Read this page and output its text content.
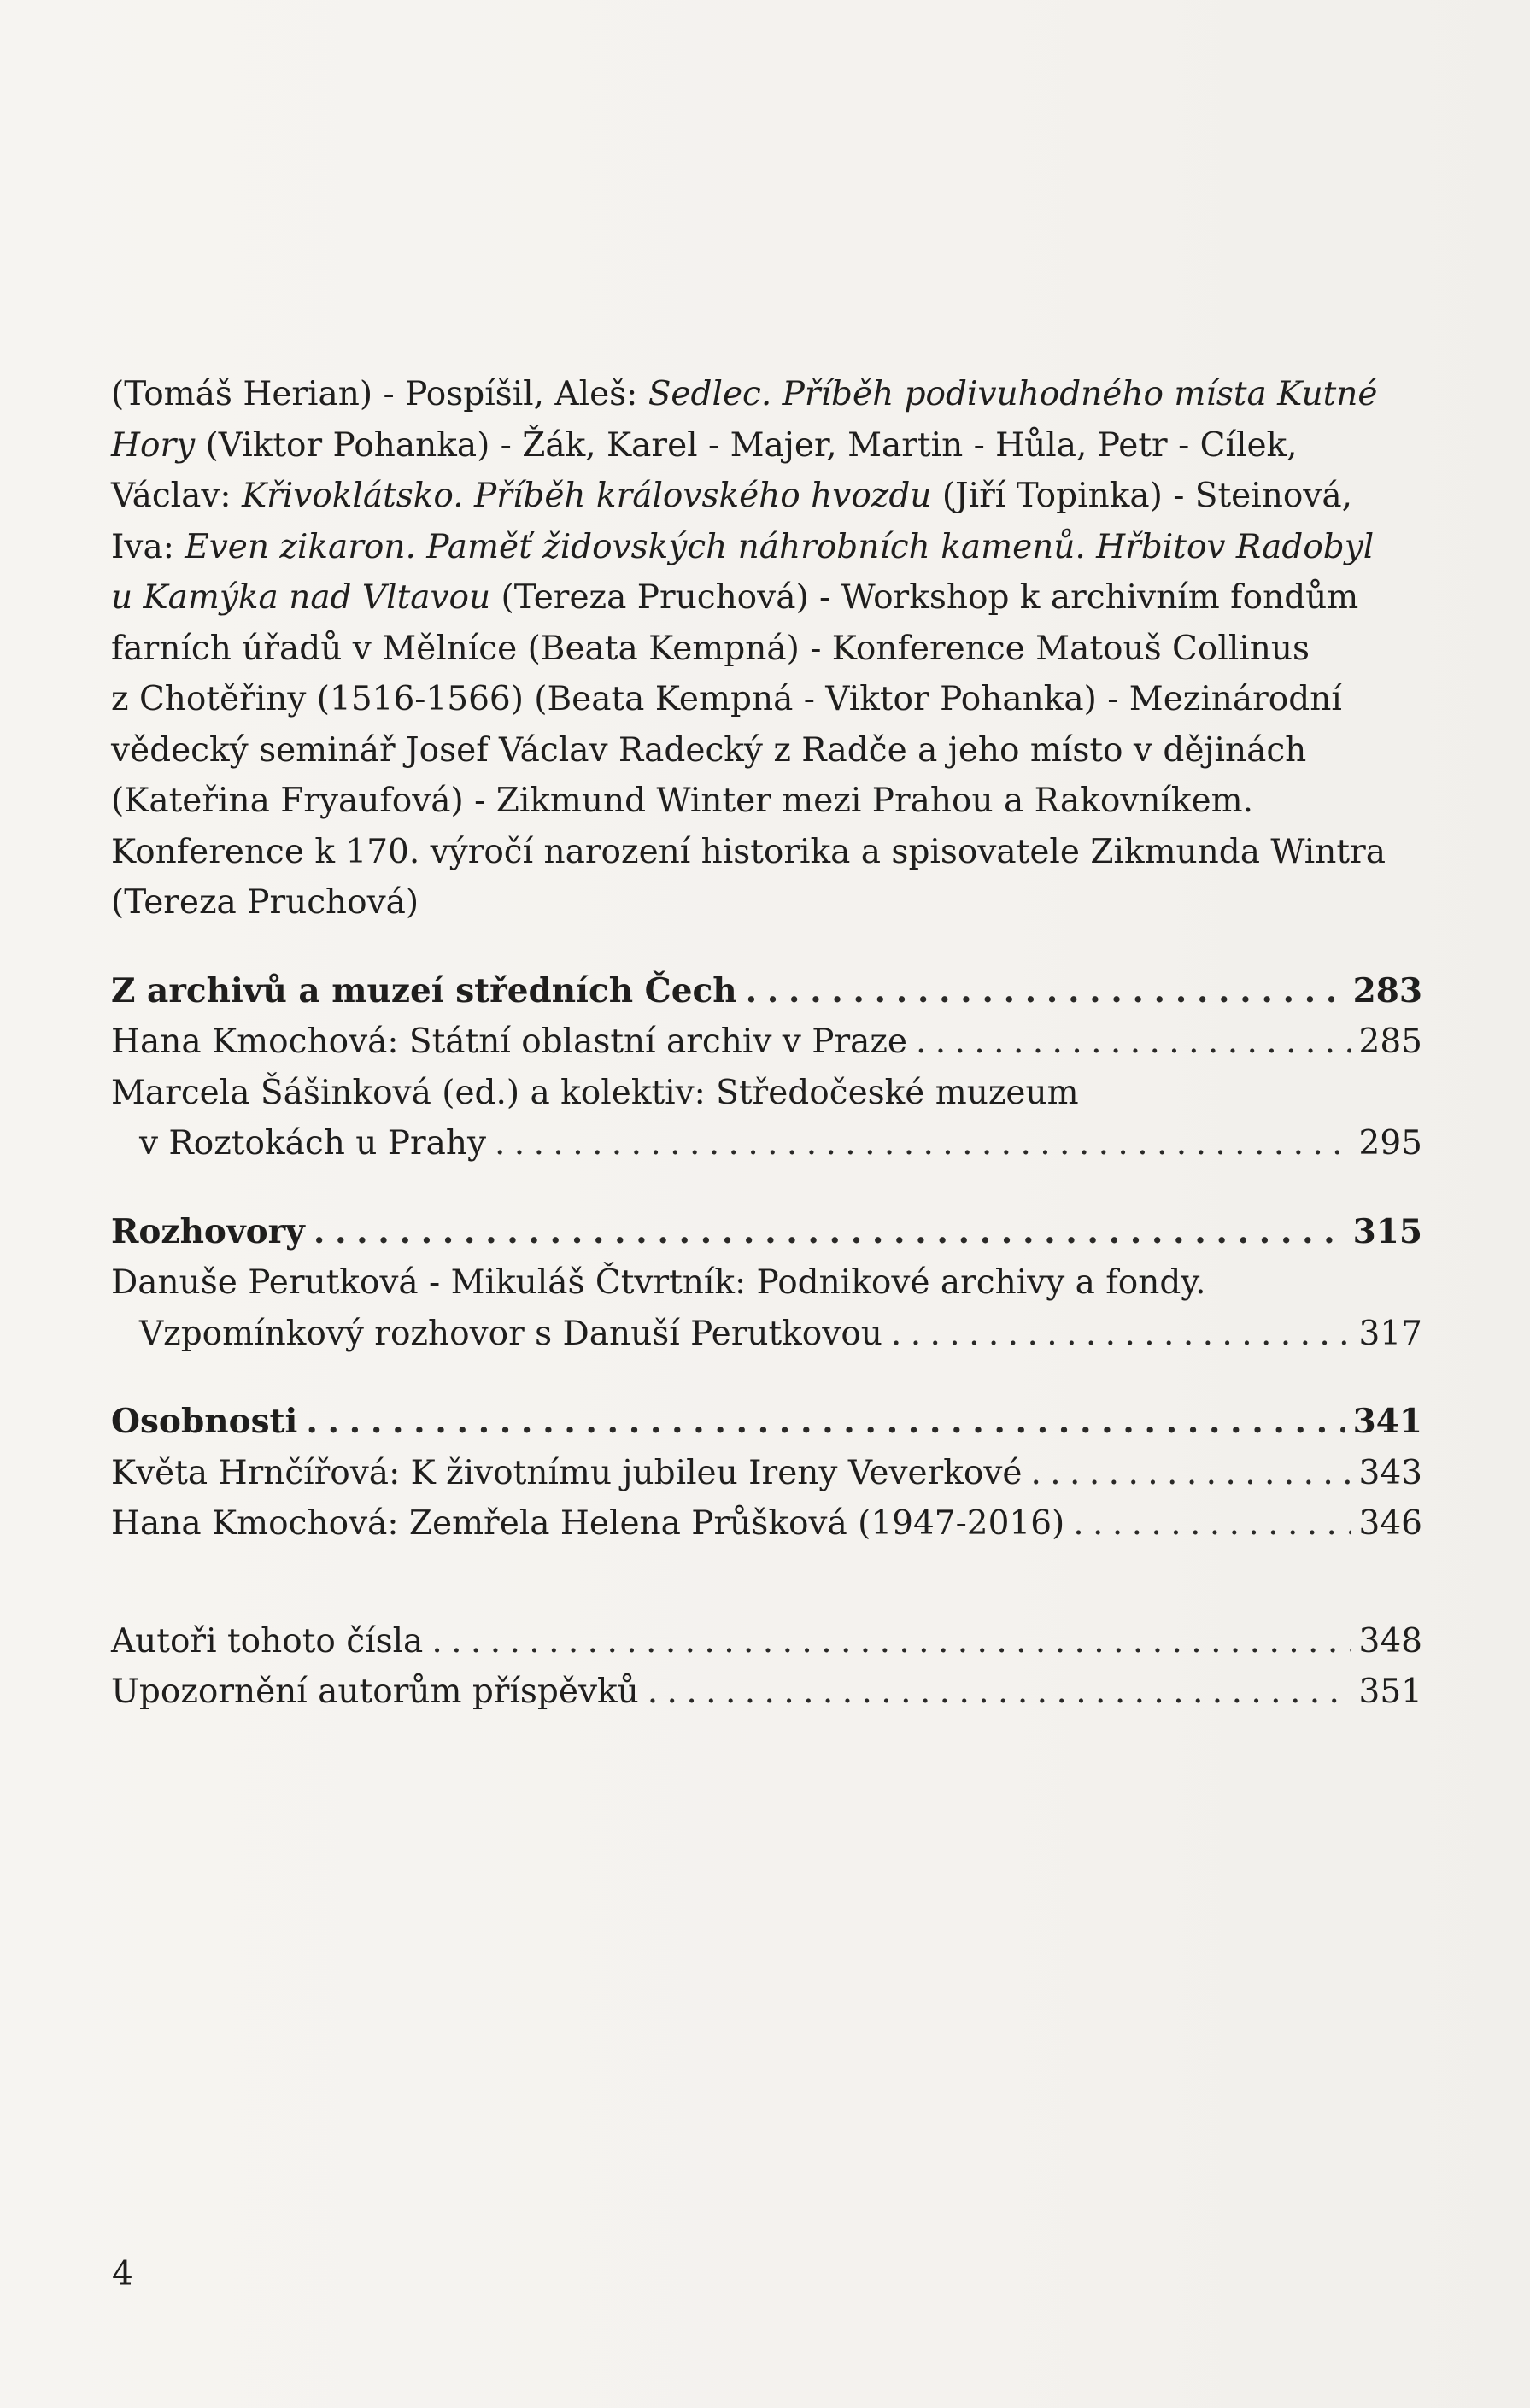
(Tomáš Herian) - Pospíšil, Aleš: Sedlec. Příběh podivuhodného místa Kutné
Hory (Viktor Pohanka) - Žák, Karel - Majer, Martin - Hůla, Petr - Cílek,
Václav: Křivoklátsko. Příběh královského hvozdu (Jiří Topinka) - Steinová,
Iva: Even zikaron. Paměť židovských náhrobních kamenů. Hřbitov Radobyl
u Kamýka nad Vltavou (Tereza Pruchová) - Workshop k archivním fondům
farních úřadů v Mělníce (Beata Kempná) - Konference Matouš Collinus
z Chotěřiny (1516-1566) (Beata Kempná - Viktor Pohanka) - Mezinárodní
vědecký seminář Josef Václav Radecký z Radče a jeho místo v dějinách
(Kateřina Fryaufová) - Zikmund Winter mezi Prahou a Rakovníkem.
Konference k 170. výročí narození historika a spisovatele Zikmunda Wintra
(Tereza Pruchová)

Z archivů a muzeí středních Čech . . .	283
Hana Kmochová: Státní oblastní archiv v Praze . . .	285
Marcela Šášinková (ed.) a kolektiv: Středočeské muzeum
v Roztokách u Prahy . . .	295
Rozhovory . . .	315
Danuše Perutková - Mikuláš Čtvrtník: Podnikové archivy a fondy.
Vzpomínkový rozhovor s Danuší Perutkovou . . .	317
Osobnosti . . .	341
Květa Hrnčířová: K životnímu jubileu Ireny Veverkové . . .	343
Hana Kmochová: Zemřela Helena Průšková (1947-2016) . . .	346
Autoři tohoto čísla . . .	348
Upozornění autorům příspěvků . . .	351
4
